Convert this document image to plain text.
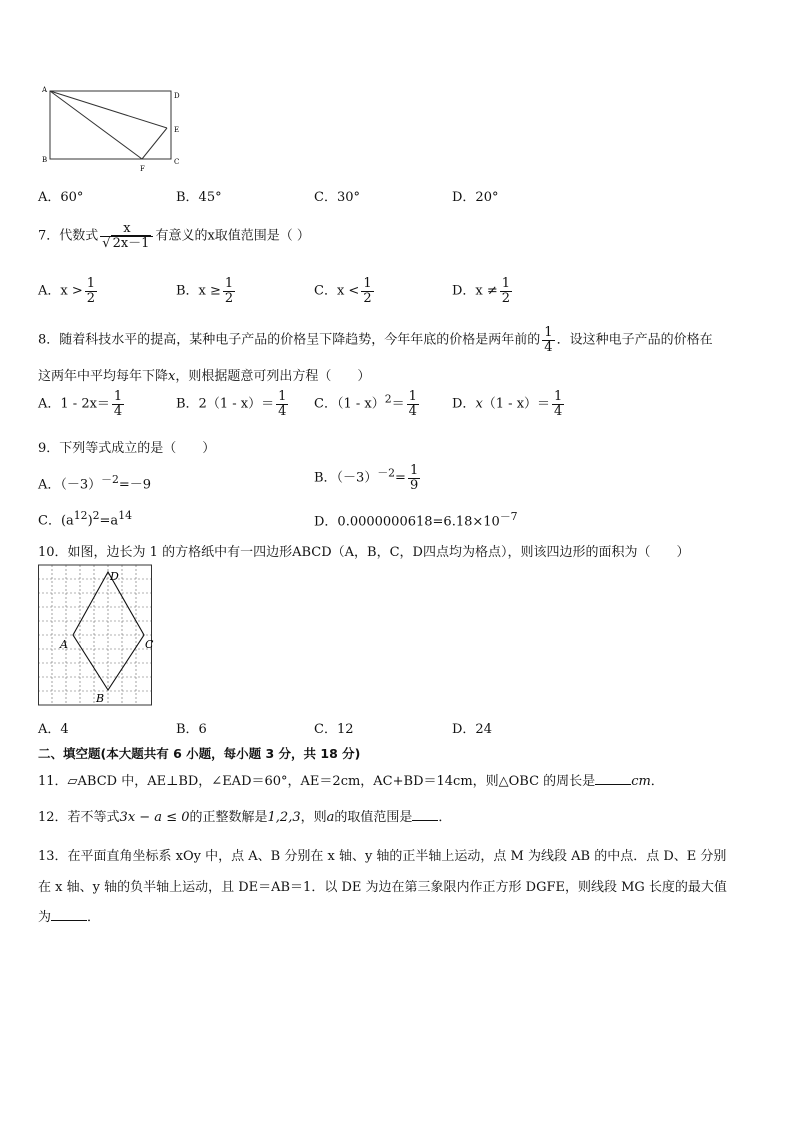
A
D
E
B
F
C
A．60°	B．45°	C．30°	D．20°
7．代数式 $\frac{x}{√ 2x-1}$ 有意义的x取值范围是（ ）
A．$x > \frac{1}{2}$	B．$x \ge \frac{1}{2}$	C．$x < \frac{1}{2}$	D．$x \ne \frac{1}{2}$
8．随着科技水平的提高，某种电子产品的价格呈下降趋势，今年年底的价格是两年前的 $\frac{1}{4}$ ．设这种电子产品的价格在
这两年中平均每年下降x，则根据题意可列出方程（　　）
A．$1 - 2x= \frac{1}{4}$	B．$2(1 - x)= \frac{1}{4}$ C．$(1 - x)^2= \frac{1}{4}$	D．$x(1 - x)= \frac{1}{4}$
9．下列等式成立的是（　　）
A．$(-3)^{-2}=-9$	B．$(-3)^{-2}= \frac{1}{9}$
C．$(a^{12})^2=a^{14}$	D．$0.0000000618=6.18\times 10^{-7}$
10．如图，边长为 1 的方格纸中有一四边形ABCD（A，B，C，D四点均为格点），则该四边形的面积为（　　）
D
A	C
B
A．4	B．6	C．12	D．24
二、填空题(本大题共有 6 小题，每小题 3 分，共 18 分)
11．▱ABCD 中，AE⊥BD，∠EAD＝60°，AE＝2cm，AC+BD＝14cm，则△OBC 的周长是	cm．
12．若不等式3x − a ≤ 0的正整数解是1,2,3，则a的取值范围是 ．
13．在平面直角坐标系 xOy 中，点 A、B 分别在 x 轴、y 轴的正半轴上运动，点 M 为线段 AB 的中点．点 D、E 分别
在 x 轴、y 轴的负半轴上运动，且 DE＝AB＝1．以 DE 为边在第三象限内作正方形 DGFE，则线段 MG 长度的最大值
为	．
